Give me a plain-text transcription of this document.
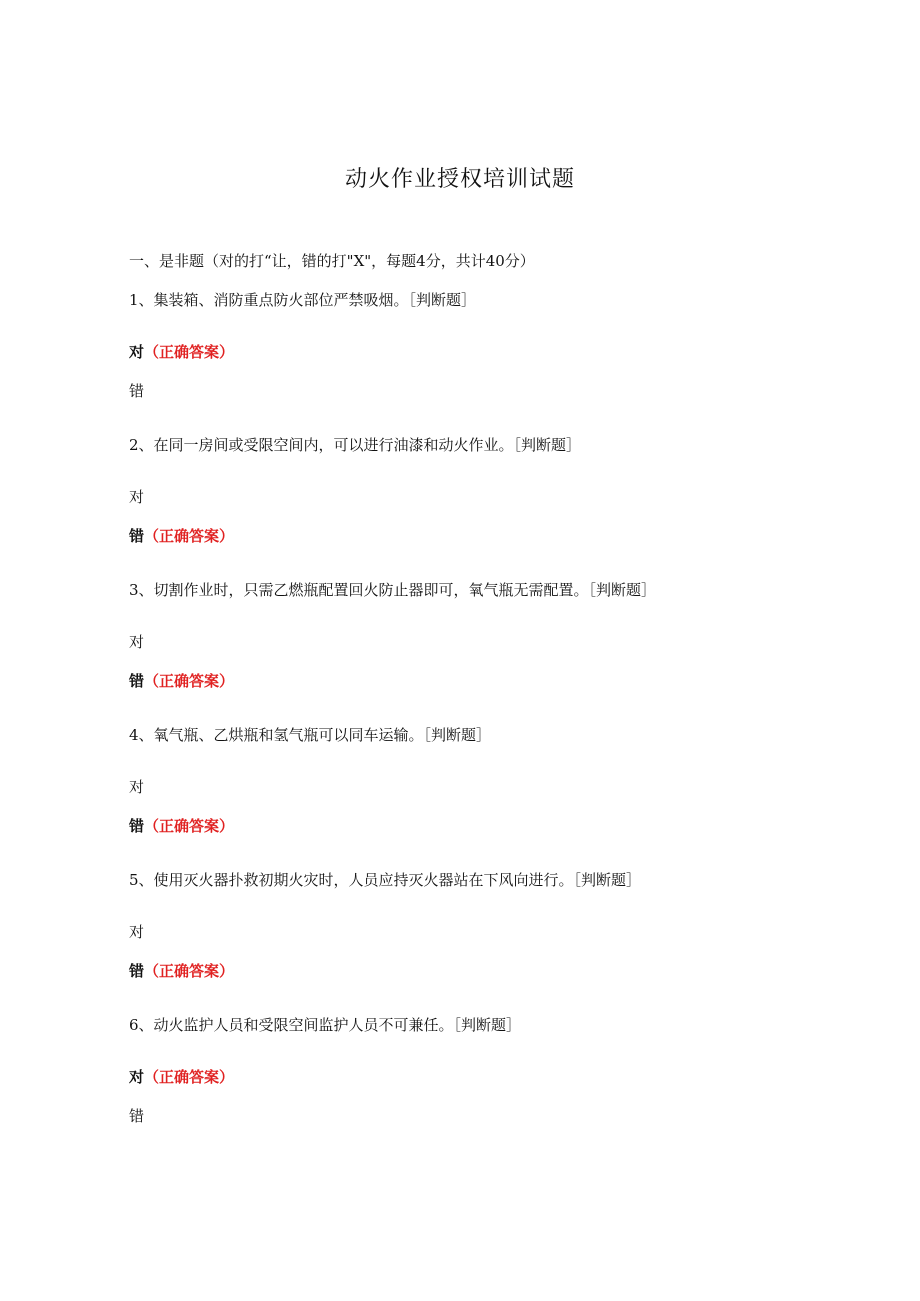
动火作业授权培训试题
一、是非题（对的打“让，错的打"X"，每题4分，共计40分）
1、集装箱、消防重点防火部位严禁吸烟。［判断题］
对（正确答案）
错
2、在同一房间或受限空间内，可以进行油漆和动火作业。［判断题］
对
错（正确答案）
3、切割作业时，只需乙燃瓶配置回火防止器即可，氧气瓶无需配置。［判断题］
对
错（正确答案）
4、氧气瓶、乙烘瓶和氢气瓶可以同车运输。［判断题］
对
错（正确答案）
5、使用灭火器扑救初期火灾时，人员应持灭火器站在下风向进行。［判断题］
对
错（正确答案）
6、动火监护人员和受限空间监护人员不可兼任。［判断题］
对（正确答案）
错
